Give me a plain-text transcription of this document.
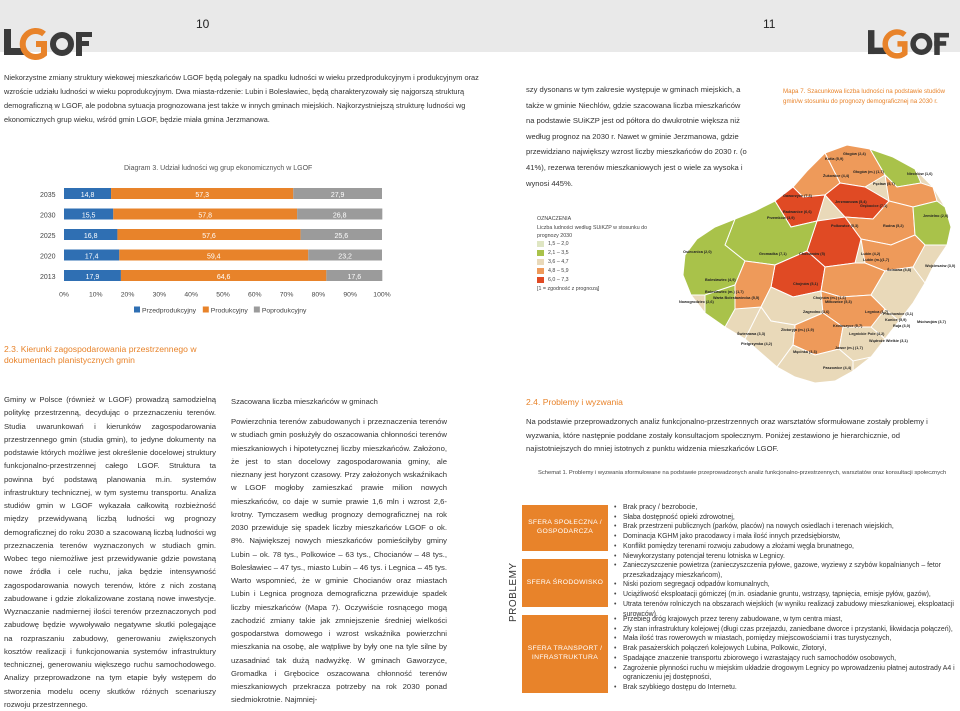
10	11
Niekorzystne zmiany struktury wiekowej mieszkańców LGOF będą polegały na spadku ludności w wieku przedprodukcyjnym i produkcyjnym oraz wzroście udziału ludności w wieku poprodukcyjnym. Dwa miasta-rdzenie: Lubin i Bolesławiec, będą charakteryzowały się najgorszą strukturą demograficzną w LGOF, ale podobna sytuacja prognozowana jest także w innych gminach miejskich. Najkorzystniejszą strukturę ludności wg ekonomicznych grup wieku, wśród gmin LGOF, będzie miała gmina Jerzmanowa.
Diagram 3. Udział ludności wg grup ekonomicznych w LGOF
2035	14,8	57,3	27,9
2030	15,5	57,8	26,8
2025	16,8	57,6	25,6
2020	17,4	59,4	23,2
2013	17,9	64,6	17,6
0%	10%	20%	30%	40%	50%	60%	70%	80%	90% 100%
Przedprodukcyjny Produkcyjny Poprodukcyjny
2.3. Kierunki zagospodarowania przestrzennego w dokumentach planistycznych gmin
Gminy w Polsce (również w LGOF) prowadzą samodzielną politykę przestrzenną, decydując o przeznaczeniu terenów. Studia uwarunkowań i kierunków zagospodarowania przestrzennego gmin (studia gmin), to jedyne dokumenty na podstawie których możliwe jest określenie docelowej struktury funkcjonalno-przestrzennej całego LGOF. Struktura ta powinna być podstawą planowania m.in. systemów infrastruktury technicznej, w tym systemu transportu. Analiza studiów gmin w LGOF wykazała całkowitą rozbieżność między przewidywaną liczbą ludności wg prognozy demograficznej do roku 2030 a szacowaną liczbą ludności wg przeznaczenia terenów wyznaczonych w studiach gmin. Wobec tego niemożliwe jest przewidywanie gdzie powstaną nowe źródła i cele ruchu, jaka będzie intensywność zagospodarowania nowych terenów, które z nich zostaną zabudowane i gdzie zlokalizowane zostaną nowe inwestycje. Wyznaczanie nadmiernej ilości terenów przeznaczonych pod zabudowę będzie wywoływało negatywne skutki polegające na rozpraszaniu zabudowy, generowaniu zwiększonych kosztów realizacji i funkcjonowania systemów infrastruktury technicznej, generowaniu większego ruchu samochodowego. Analizy przeprowadzone na tym etapie były wstępem do stworzenia modelu oceny skutków różnych scenariuszy rozwoju przestrzennego.
Szacowana liczba mieszkańców w gminach
Powierzchnia terenów zabudowanych i przeznaczenia terenów w studiach gmin posłużyły do oszacowania chłonności terenów mieszkaniowych i hipotetycznej liczby mieszkańców. Założono, że jest to stan docelowy zagospodarowania gminy, ale nieznany jest horyzont czasowy. Przy założonych wskaźnikach w LGOF mogłoby zamieszkać prawie milion nowych mieszkańców, co daje w sumie prawie 1,6 mln i wzrost 2,6-krotny. Tymczasem według prognozy demograficznej na rok 2030 przewiduje się spadek liczby mieszkańców LGOF o ok. 8%. Największej nowych mieszkańców pomieściłyby gminy Lubin – ok. 78 tys., Polkowice – 63 tys., Chocianów – 48 tys., Bolesławiec – 47 tys., miasto Lubin – 46 tys. i Legnica – 45 tys. Warto wspomnieć, że w gminie Chocianów oraz miastach Lubin i Legnica prognoza demograficzna przewiduje spadek liczby mieszkańców (Mapa 7). Oczywiście rosnącego mogą zachodzić zmiany takie jak zmniejszenie średniej wielkości gospodarstwa domowego i wzrost wskaźnika powierzchni mieszkania na osobę, ale wątpliwe by były one na tyle silne by uzasadniać tak dużą nadwyżkę. W gminach Gaworzyce, Gromadka i Grębocice oszacowana chłonność terenów mieszkaniowych przekracza potrzeby na rok 2030 ponad siedmiokrotnie. Najmniej-
szy dysonans w tym zakresie występuje w gminach miejskich, a także w gminie Niechlów, gdzie szacowana liczba mieszkańców na podstawie SUiKZP jest od półtora do dwukrotnie większa niż według prognoz na 2030 r. Nawet w gminie Jerzmanowa, gdzie przewidziano największy wzrost liczby mieszkańców do 2030 r. (o 41%), rezerwa terenów mieszkaniowych jest o wiele za wysoka i wynosi 445%.
Mapa 7. Szacunkowa liczba ludności na podstawie studiów gmin/w stosunku do prognozy demograficznej na 2030 r.
OZNACZENIA
Liczba ludności według SUiKZP w stosunku do prognozy 2030
1,5 – 2,0
2,1 – 3,5
3,6 – 4,7
4,8 – 5,9
6,0 – 7,3
[1 = zgodność z prognozą]
Kotla (5,9)
Głogów (2,4)
Głogów (m.) (1,7)
Żukowice (4,4)
Pęcław (5,7)
Niechlów (1,6)
Gaworzyce (7,3)
Jerzmanowa (5,4)
Grębocice (7,1)
Radwanice (6,6)
Przemków (3,9)
Polkowice (5,3)	Rudna (5,2)
Jemielno (2,0)
Osiecznica (2,0)	Gromadka (7,1)	Chocianów (5)	Lubin (4,2)
Lubin (m.)(1,7)
Ścinawa (5,8)
Bolesławiec (4,9)
Chojnów (5,1)
Bolesławiec (m.) (1,7)
Miłkowice (5,3)
Warta Bolesławiecka (5,5)	Chojnów (m.) (1,6)
Nowogrodziec (2,6)
Zagrodno (3,6)	Prochowice (3,1)
Kunice (5,9)
Legnica (1,7)
Krotoszyce (5,7)
Legnickie Pole (4,2)
Złotoryja (m.) (1,9)
Ruja (3,0)
Wądroże Wielkie (3,1)
Męcinka (3,3)
Jawor (m.) (1,7)
Mściwojów (3,7)
Paszowice (4,4)
Pielgrzymka (4,2)
Świerzawa (3,3)
Wojcieszów (3,0)
2.4. Problemy i wyzwania
Na podstawie przeprowadzonych analiz funkcjonalno-przestrzennych oraz warsztatów sformułowane zostały problemy i wyzwania, które następnie poddane zostały konsultacjom społecznym. Poniżej zestawiono je hierarchicznie, od najistotniejszych do mniej istotnych z punktu widzenia mieszkańców LGOF.
Schemat 1. Problemy i wyzwania sformułowane na podstawie przeprowadzonych analiz funkcjonalno-przestrzennych, warsztatów oraz konsultacji społecznych
PROBLEMY
SFERA SPOŁECZNA / GOSPODARCZA
SFERA ŚRODOWISKO
SFERA TRANSPORT / INFRASTRUKTURA
• Brak pracy / bezrobocie,
• Słaba dostępność opieki zdrowotnej,
• Brak przestrzeni publicznych (parków, placów) na nowych osiedlach i terenach wiejskich,
• Dominacja KGHM jako pracodawcy i mała ilość innych przedsiębiorstw,
• Konflikt pomiędzy terenami rozwoju zabudowy a złożami węgla brunatnego,
• Niewykorzystany potencjał terenu lotniska w Legnicy.
• Zanieczyszczenie powietrza (zanieczyszczenia pyłowe, gazowe, wyziewy z szybów kopalnianych – fetor przeszkadzający mieszkańcom),
• Niski poziom segregacji odpadów komunalnych,
• Uciążliwość eksploatacji górniczej (m.in. osiadanie gruntu, wstrząsy, tąpnięcia, emisje pyłów, gazów),
• Utrata terenów rolniczych na obszarach wiejskich (w wyniku realizacji zabudowy mieszkaniowej, eksploatacji surowców).
• Przebieg dróg krajowych przez tereny zabudowane, w tym centra miast,
• Zły stan infrastruktury kolejowej (długi czas przejazdu, zaniedbane dworce i przystanki, likwidacja połączeń),
• Mała ilość tras rowerowych w miastach, pomiędzy miejscowościami i tras turystycznych,
• Brak pasażerskich połączeń kolejowych Lubina, Polkowic, Złotoryi,
• Spadające znaczenie transportu zbiorowego i wzrastający ruch samochodów osobowych,
• Zagrożenie płynności ruchu w miejskim układzie drogowym Legnicy po wprowadzeniu płatnej autostrady A4 i ograniczeniu jej dostępności,
• Brak szybkiego dostępu do Internetu.
